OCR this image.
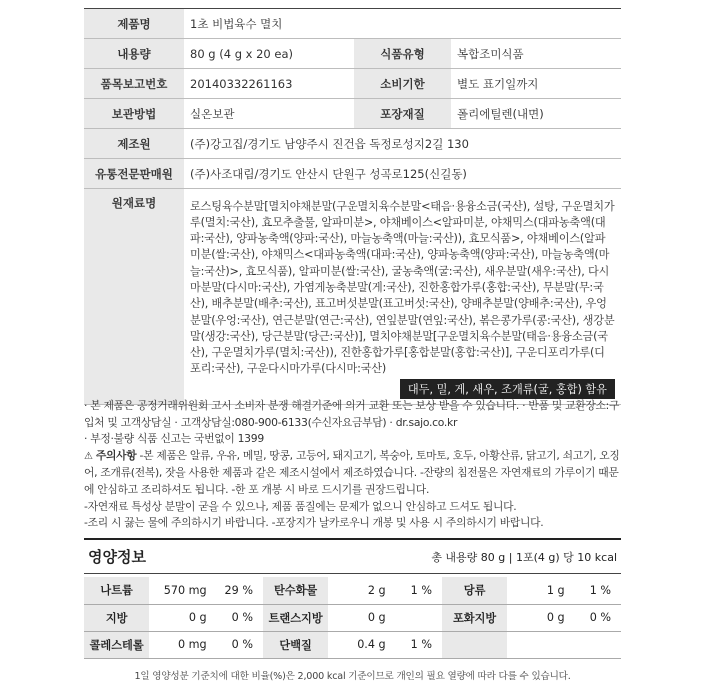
제품명	1초 비법육수 멸치		
내용량	80 g (4 g x 20 ea)	식품유형	복합조미식품
품목보고번호	20140332261163	소비기한	별도 표기일까지
보관방법	실온보관	포장재질	폴리에틸렌(내면)
제조원	(주)강고집/경기도 남양주시 진건읍 독정로성지2길 130		
유통전문판매원	(주)사조대림/경기도 안산시 단원구 성곡로125(신길동)		
원재료명	로스팅육수분말[멸치야채분말(구운멸치육수분말<태음·용융소금(국산), 설탕, 구운멸치가루(멸치:국산), 효모추출물, 알파미분>, 야채베이스<알파미분, 야채믹스(대파농축액(대파:국산), 양파농축액(양파:국산), 마늘농축액(마늘:국산)), 효모식품>, 야채베이스(알파미분(쌀:국산), 야채믹스<대파농축액(대파:국산), 양파농축액(양파:국산), 마늘농축액(마늘:국산)>, 효모식품), 알파미분(쌀:국산), 굴농축액(굴:국산), 새우분말(새우:국산), 다시마분말(다시마:국산), 가염게농축분말(게:국산), 진한홍합가루(홍합:국산), 무분말(무:국산), 배추분말(배추:국산), 표고버섯분말(표고버섯:국산), 양배추분말(양배추:국산), 우엉분말(우엉:국산), 연근분말(연근:국산), 연잎분말(연잎:국산), 볶은콩가루(콩:국산), 생강분말(생강:국산), 당근분말(당근:국산)], 멸치야채분말[구운멸치육수분말(태음·용융소금(국산), 구운멸치가루(멸치:국산)), 진한홍합가루[홍합분말(홍합:국산)], 구운디포리가루(디포리:국산), 구운다시마가루(다시마:국산)
대두, 밀, 게, 새우, 조개류(굴, 홍합) 함유		

· 본 제품은 공정거래위원회 고시 소비자 분쟁 해결기준에 의거 교환 또는 보상 받을 수 있습니다. · 반품 및 교환장소:구입처 및 고객상담실 · 고객상담실:080-900-6133(수신자요금부담) · dr.sajo.co.kr

· 부정·불량 식품 신고는 국번없이 1399

⚠ 주의사항 -본 제품은 알류, 우유, 메밀, 땅콩, 고등어, 돼지고기, 복숭아, 토마토, 호두, 아황산류, 닭고기, 쇠고기, 오징어, 조개류(전복), 잣을 사용한 제품과 같은 제조시설에서 제조하였습니다. -잔량의 침전물은 자연재료의 가루이기 때문에 안심하고 조리하셔도 됩니다. -한 포 개봉 시 바로 드시기를 권장드립니다.

-자연재료 특성상 분말이 굳을 수 있으나, 제품 품질에는 문제가 없으니 안심하고 드셔도 됩니다.

-조리 시 끓는 물에 주의하시기 바랍니다. -포장지가 날카로우니 개봉 및 사용 시 주의하시기 바랍니다.

영양정보	총 내용량 80 g | 1포(4 g) 당 10 kcal
나트륨	570 mg	29 %	탄수화물	2 g	1 %	당류	1 g	1 %
지방	0 g	0 %	트랜스지방	0 g		포화지방	0 g	0 %
콜레스테롤	0 mg	0 %	단백질	0.4 g	1 %			
1일 영양성분 기준치에 대한 비율(%)은 2,000 kcal 기준이므로 개인의 필요 열량에 따라 다를 수 있습니다.
